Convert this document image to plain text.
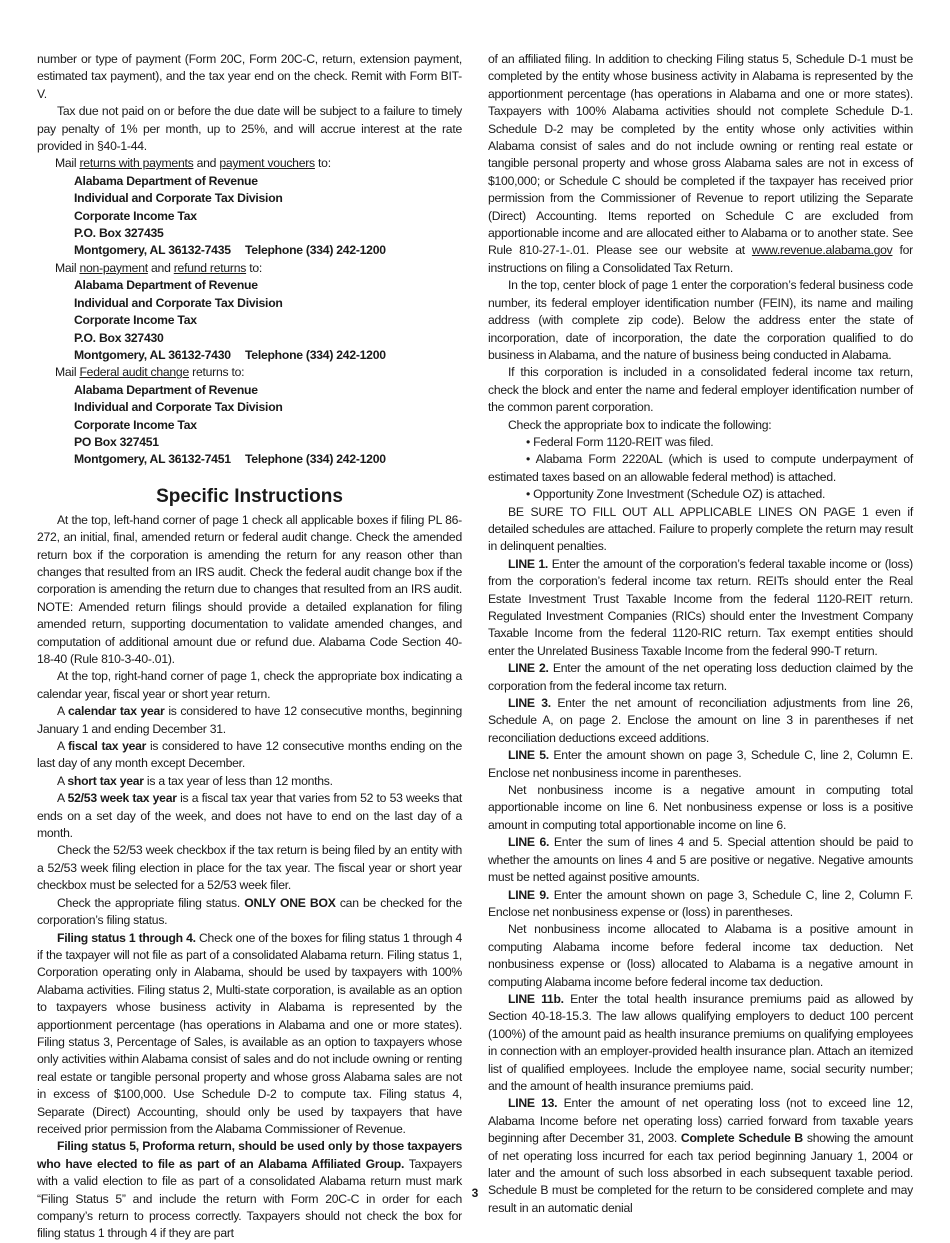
number or type of payment (Form 20C, Form 20C-C, return, extension payment, estimated tax payment), and the tax year end on the check. Remit with Form BIT-V.

Tax due not paid on or before the due date will be subject to a failure to timely pay penalty of 1% per month, up to 25%, and will accrue interest at the rate provided in §40-1-44.

Mail returns with payments and payment vouchers to:

Alabama Department of Revenue
Individual and Corporate Tax Division
Corporate Income Tax
P.O. Box 327435
Montgomery, AL 36132-7435	Telephone (334) 242-1200

Mail non-payment and refund returns to:

Alabama Department of Revenue
Individual and Corporate Tax Division
Corporate Income Tax
P.O. Box 327430
Montgomery, AL 36132-7430	Telephone (334) 242-1200

Mail Federal audit change returns to:

Alabama Department of Revenue
Individual and Corporate Tax Division
Corporate Income Tax
PO Box 327451
Montgomery, AL 36132-7451	Telephone (334) 242-1200
Specific Instructions

At the top, left-hand corner of page 1 check all applicable boxes if filing PL 86-272, an initial, final, amended return or federal audit change. Check the amended return box if the corporation is amending the return for any reason other than changes that resulted from an IRS audit. Check the federal audit change box if the corporation is amending the return due to changes that resulted from an IRS audit. NOTE: Amended return filings should provide a detailed explanation for filing amended return, supporting documentation to validate amended changes, and computation of additional amount due or refund due. Alabama Code Section 40-18-40 (Rule 810-3-40-.01).

At the top, right-hand corner of page 1, check the appropriate box indicating a calendar year, fiscal year or short year return.

A calendar tax year is considered to have 12 consecutive months, beginning January 1 and ending December 31.

A fiscal tax year is considered to have 12 consecutive months ending on the last day of any month except December.

A short tax year is a tax year of less than 12 months.

A 52/53 week tax year is a fiscal tax year that varies from 52 to 53 weeks that ends on a set day of the week, and does not have to end on the last day of a month.

Check the 52/53 week checkbox if the tax return is being filed by an entity with a 52/53 week filing election in place for the tax year. The fiscal year or short year checkbox must be selected for a 52/53 week filer.

Check the appropriate filing status. ONLY ONE BOX can be checked for the corporation’s filing status.

Filing status 1 through 4. Check one of the boxes for filing status 1 through 4 if the taxpayer will not file as part of a consolidated Alabama return. Filing status 1, Corporation operating only in Alabama, should be used by taxpayers with 100% Alabama activities. Filing status 2, Multi-state corporation, is available as an option to taxpayers whose business activity in Alabama is represented by the apportionment percentage (has operations in Alabama and one or more states). Filing status 3, Percentage of Sales, is available as an option to taxpayers whose only activities within Alabama consist of sales and do not include owning or renting real estate or tangible personal property and whose gross Alabama sales are not in excess of $100,000. Use Schedule D-2 to compute tax. Filing status 4, Separate (Direct) Accounting, should only be used by taxpayers that have received prior permission from the Alabama Commissioner of Revenue.

Filing status 5, Proforma return, should be used only by those taxpayers who have elected to file as part of an Alabama Affiliated Group. Taxpayers with a valid election to file as part of a consolidated Alabama return must mark “Filing Status 5” and include the return with Form 20C-C in order for each company’s return to process correctly. Taxpayers should not check the box for filing status 1 through 4 if they are part

of an affiliated filing. In addition to checking Filing status 5, Schedule D-1 must be completed by the entity whose business activity in Alabama is represented by the apportionment percentage (has operations in Alabama and one or more states). Taxpayers with 100% Alabama activities should not complete Schedule D-1. Schedule D-2 may be completed by the entity whose only activities within Alabama consist of sales and do not include owning or renting real estate or tangible personal property and whose gross Alabama sales are not in excess of $100,000; or Schedule C should be completed if the taxpayer has received prior permission from the Commissioner of Revenue to report utilizing the Separate (Direct) Accounting. Items reported on Schedule C are excluded from apportionable income and are allocated either to Alabama or to another state. See Rule 810-27-1-.01. Please see our website at www.revenue.alabama.gov for instructions on filing a Consolidated Tax Return.

In the top, center block of page 1 enter the corporation’s federal business code number, its federal employer identification number (FEIN), its name and mailing address (with complete zip code). Below the address enter the state of incorporation, date of incorporation, the date the corporation qualified to do business in Alabama, and the nature of business being conducted in Alabama.

If this corporation is included in a consolidated federal income tax return, check the block and enter the name and federal employer identification number of the common parent corporation.

Check the appropriate box to indicate the following:

• Federal Form 1120-REIT was filed.

• Alabama Form 2220AL (which is used to compute underpayment of estimated taxes based on an allowable federal method) is attached.

• Opportunity Zone Investment (Schedule OZ) is attached.

BE SURE TO FILL OUT ALL APPLICABLE LINES ON PAGE 1 even if detailed schedules are attached. Failure to properly complete the return may result in delinquent penalties.

LINE 1. Enter the amount of the corporation’s federal taxable income or (loss) from the corporation’s federal income tax return. REITs should enter the Real Estate Investment Trust Taxable Income from the federal 1120-REIT return. Regulated Investment Companies (RICs) should enter the Investment Company Taxable Income from the federal 1120-RIC return. Tax exempt entities should enter the Unrelated Business Taxable Income from the federal 990-T return.

LINE 2. Enter the amount of the net operating loss deduction claimed by the corporation from the federal income tax return.

LINE 3. Enter the net amount of reconciliation adjustments from line 26, Schedule A, on page 2. Enclose the amount on line 3 in parentheses if net reconciliation deductions exceed additions.

LINE 5. Enter the amount shown on page 3, Schedule C, line 2, Column E. Enclose net nonbusiness income in parentheses.

Net nonbusiness income is a negative amount in computing total apportionable income on line 6. Net nonbusiness expense or loss is a positive amount in computing total apportionable income on line 6.

LINE 6. Enter the sum of lines 4 and 5. Special attention should be paid to whether the amounts on lines 4 and 5 are positive or negative. Negative amounts must be netted against positive amounts.

LINE 9. Enter the amount shown on page 3, Schedule C, line 2, Column F. Enclose net nonbusiness expense or (loss) in parentheses.

Net nonbusiness income allocated to Alabama is a positive amount in computing Alabama income before federal income tax deduction. Net nonbusiness expense or (loss) allocated to Alabama is a negative amount in computing Alabama income before federal income tax deduction.

LINE 11b. Enter the total health insurance premiums paid as allowed by Section 40-18-15.3. The law allows qualifying employers to deduct 100 percent (100%) of the amount paid as health insurance premiums on qualifying employees in connection with an employer-provided health insurance plan. Attach an itemized list of qualified employees. Include the employee name, social security number; and the amount of health insurance premiums paid.

LINE 13. Enter the amount of net operating loss (not to exceed line 12, Alabama Income before net operating loss) carried forward from taxable years beginning after December 31, 2003. Complete Schedule B showing the amount of net operating loss incurred for each tax period beginning January 1, 2004 or later and the amount of such loss absorbed in each subsequent taxable period. Schedule B must be completed for the return to be considered complete and may result in an automatic denial

3
